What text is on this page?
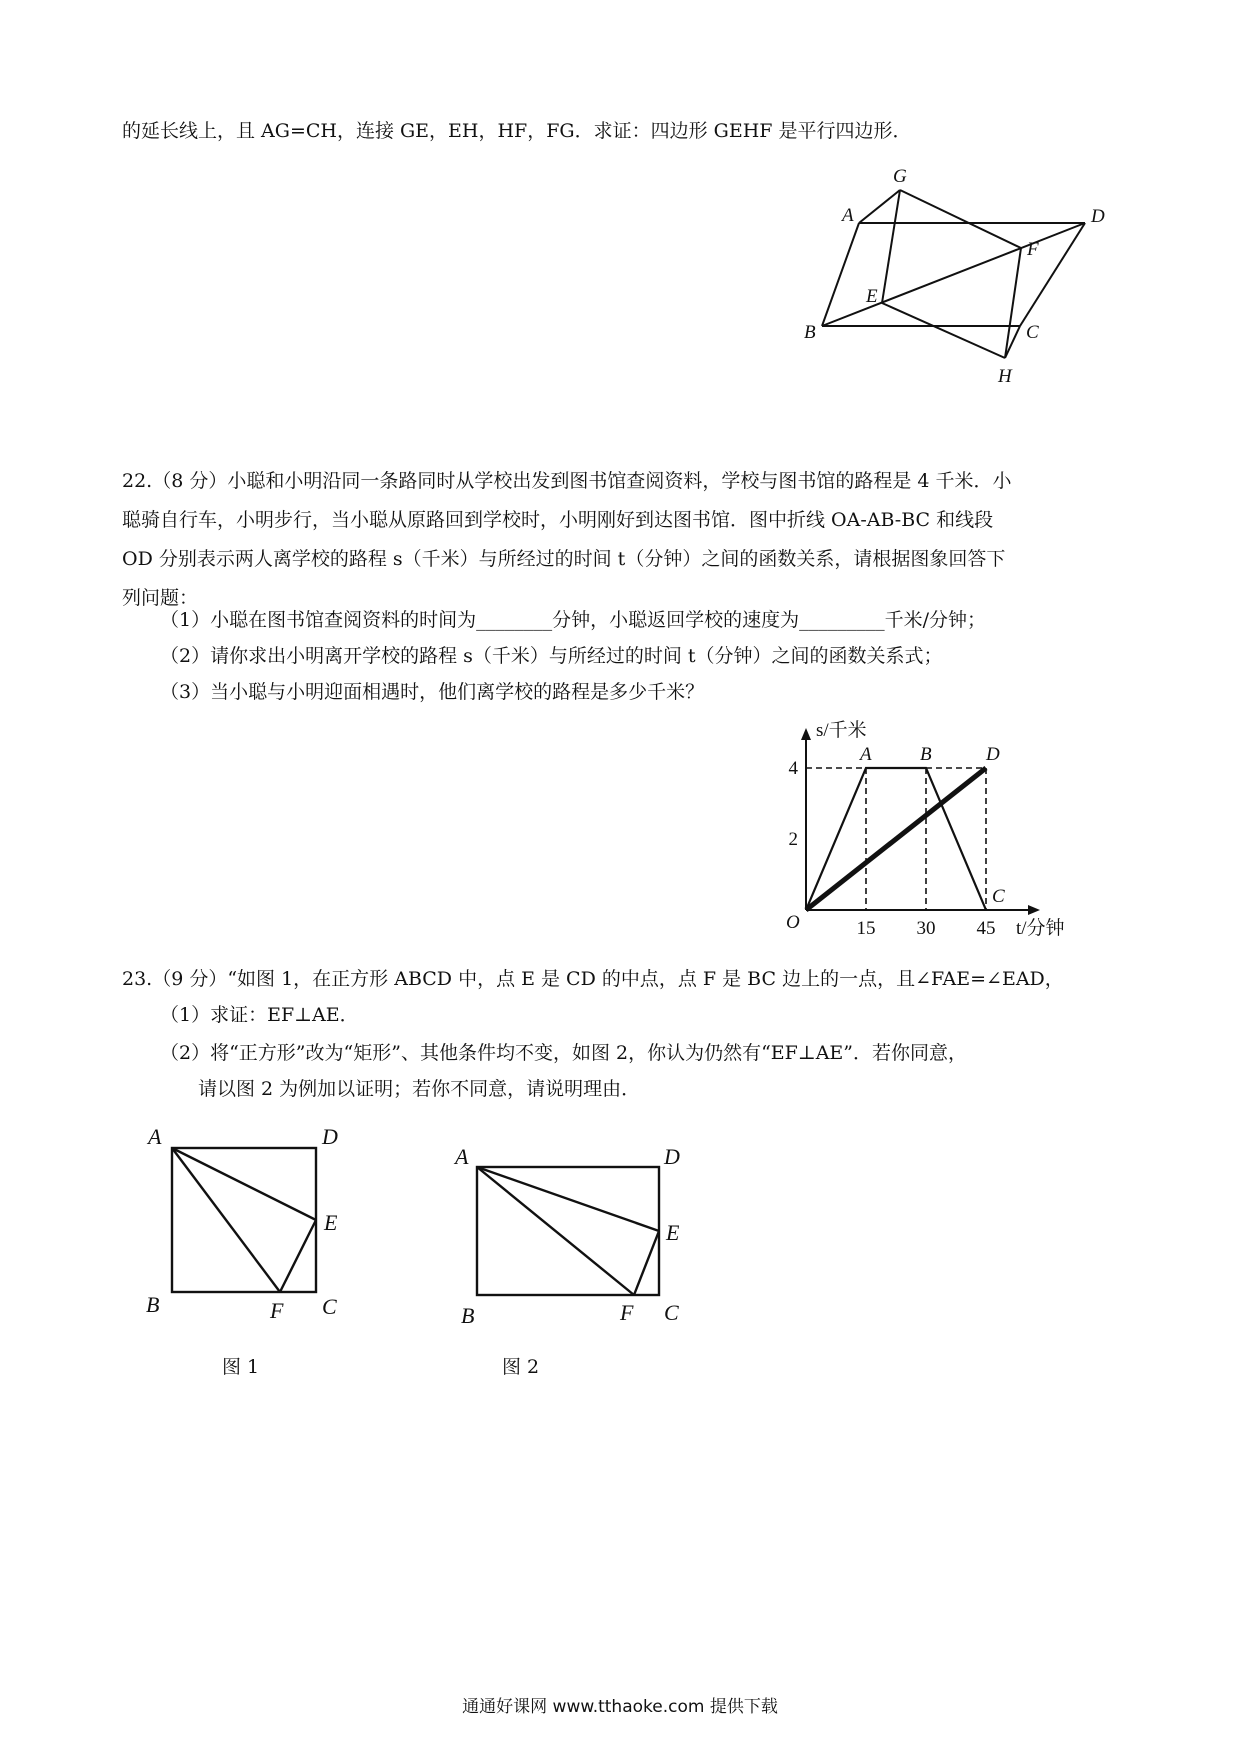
的延长线上，且 AG=CH，连接 GE，EH，HF，FG．求证：四边形 GEHF 是平行四边形．
G
A	D
F
E
B	C
H
22.（8 分）小聪和小明沿同一条路同时从学校出发到图书馆查阅资料，学校与图书馆的路程是 4 千米．小
聪骑自行车，小明步行，当小聪从原路回到学校时，小明刚好到达图书馆．图中折线 OA-AB-BC 和线段
OD 分别表示两人离学校的路程 s（千米）与所经过的时间 t（分钟）之间的函数关系，请根据图象回答下
列问题：
（1）小聪在图书馆查阅资料的时间为________分钟，小聪返回学校的速度为_________千米/分钟；
（2）请你求出小明离开学校的路程 s（千米）与所经过的时间 t（分钟）之间的函数关系式；
（3）当小聪与小明迎面相遇时，他们离学校的路程是多少千米？
15 30 45
2
4
O
A	B
C
D
s/千米
t/分钟
23.（9 分）“如图 1，在正方形 ABCD 中，点 E 是 CD 的中点，点 F 是 BC 边上的一点，且∠FAE=∠EAD，
（1）求证：EF⊥AE．
（2）将“正方形”改为“矩形”、其他条件均不变，如图 2，你认为仍然有“EF⊥AE”．若你同意，
请以图 2 为例加以证明；若你不同意，请说明理由．
A	D
E
B	F C
图 1
A	D
E
B	F C
图 2
通通好课网 www.tthaoke.com 提供下载
